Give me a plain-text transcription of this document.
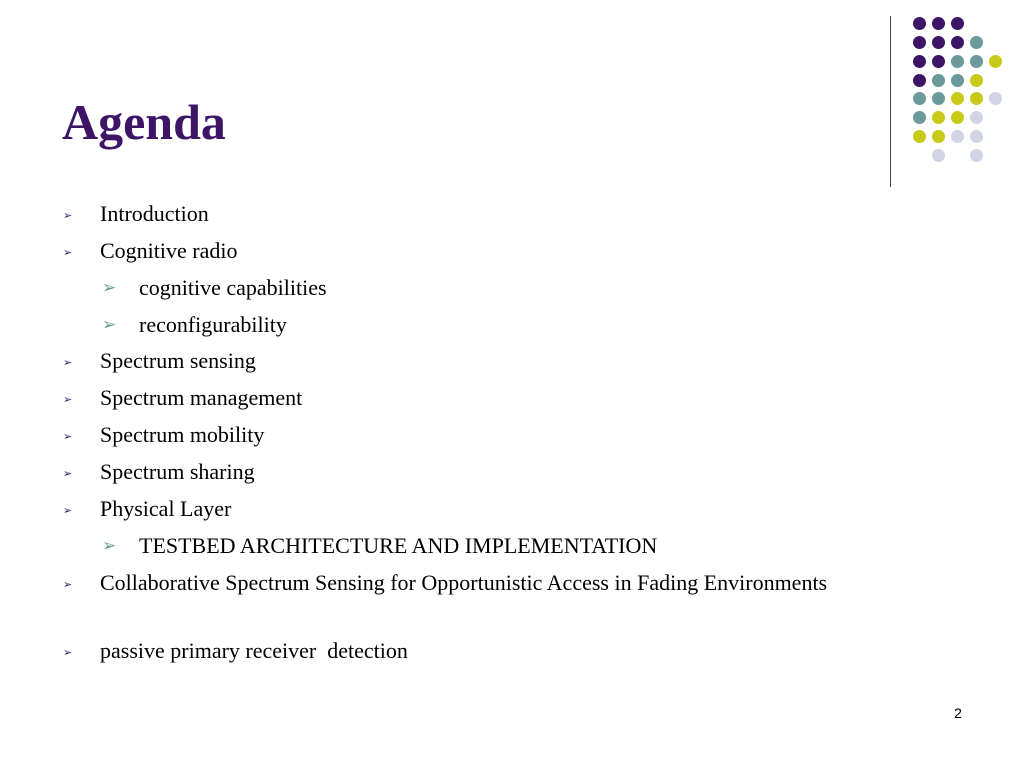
Agenda
➢ Introduction
➢ Cognitive radio
➢ cognitive capabilities
➢ reconfigurability
➢ Spectrum sensing
➢ Spectrum management
➢ Spectrum mobility
➢ Spectrum sharing
➢ Physical Layer
➢ TESTBED ARCHITECTURE AND IMPLEMENTATION
➢ Collaborative Spectrum Sensing for Opportunistic Access in Fading Environments
➢ passive primary receiver  detection
2
